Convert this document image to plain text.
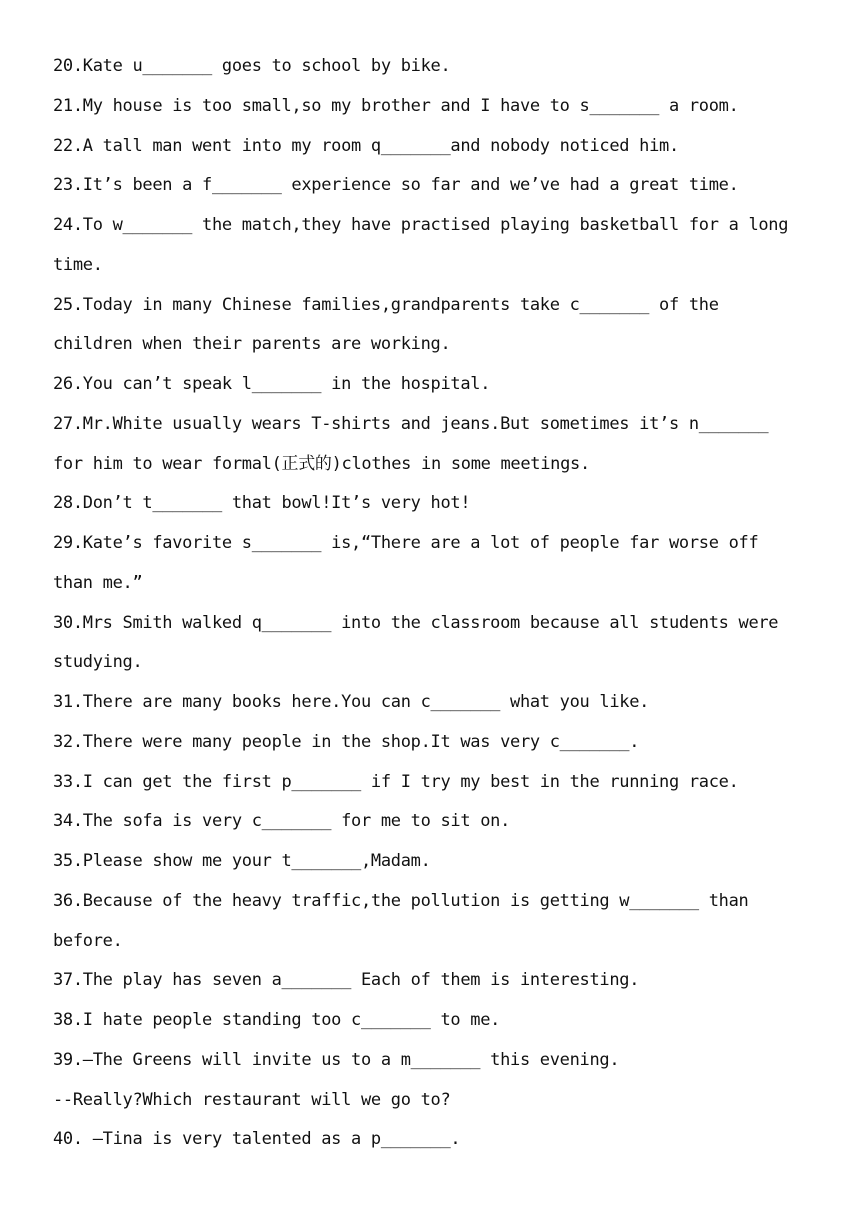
20.Kate u_______ goes to school by bike.
21.My house is too small,so my brother and I have to s_______ a room.
22.A tall man went into my room q_______and nobody noticed him.
23.It’s been a f_______ experience so far and we’ve had a great time.
24.To w_______ the match,they have practised playing basketball for a long
time.
25.Today in many Chinese families,grandparents take c_______ of the
children when their parents are working.
26.You can’t speak l_______ in the hospital.
27.Mr.White usually wears T-shirts and jeans.But sometimes it’s n_______
for him to wear formal(正式的)clothes in some meetings.
28.Don’t t_______ that bowl!It’s very hot!
29.Kate’s favorite s_______ is,“There are a lot of people far worse off
than me.”
30.Mrs Smith walked q_______ into the classroom because all students were
studying.
31.There are many books here.You can c_______ what you like.
32.There were many people in the shop.It was very c_______.
33.I can get the first p_______ if I try my best in the running race.
34.The sofa is very c_______ for me to sit on.
35.Please show me your t_______,Madam.
36.Because of the heavy traffic,the pollution is getting w_______ than
before.
37.The play has seven a_______ Each of them is interesting.
38.I hate people standing too c_______ to me.
39.—The Greens will invite us to a m_______ this evening.
--Really?Which restaurant will we go to?
40. —Tina is very talented as a p_______.
